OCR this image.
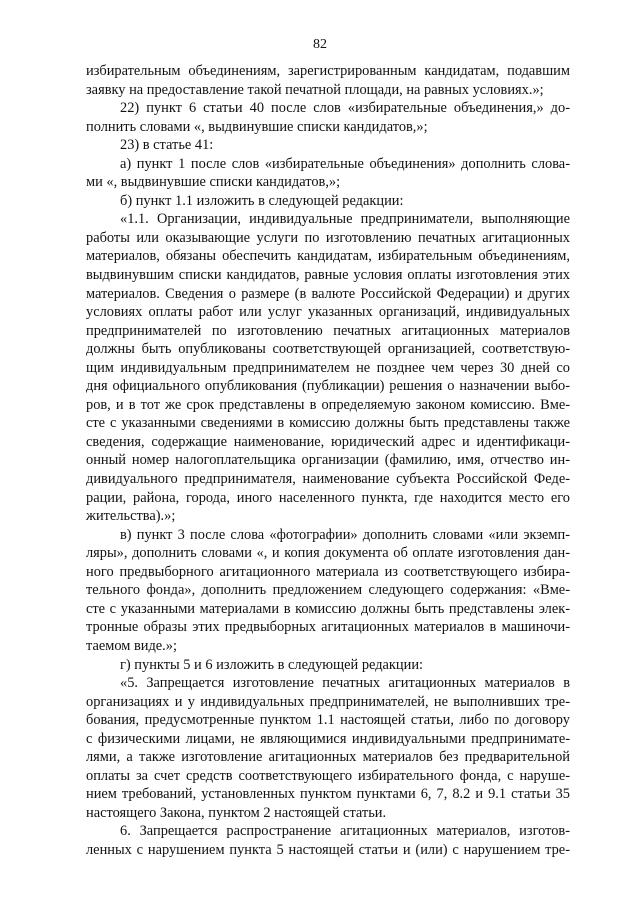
82
избирательным объединениям, зарегистрированным кандидатам, подавшим
заявку на предоставление такой печатной площади, на равных условиях.»;
22) пункт 6 статьи 40 после слов «избирательные объединения,» до-
полнить словами «, выдвинувшие списки кандидатов,»;
23) в статье 41:
а) пункт 1 после слов «избирательные объединения» дополнить слова-
ми «, выдвинувшие списки кандидатов,»;
б) пункт 1.1 изложить в следующей редакции:
«1.1. Организации, индивидуальные предприниматели, выполняющие
работы или оказывающие услуги по изготовлению печатных агитационных
материалов, обязаны обеспечить кандидатам, избирательным объединениям,
выдвинувшим списки кандидатов, равные условия оплаты изготовления этих
материалов. Сведения о размере (в валюте Российской Федерации) и других
условиях оплаты работ или услуг указанных организаций, индивидуальных
предпринимателей по изготовлению печатных агитационных материалов
должны быть опубликованы соответствующей организацией, соответствую-
щим индивидуальным предпринимателем не позднее чем через 30 дней со
дня официального опубликования (публикации) решения о назначении выбо-
ров, и в тот же срок представлены в определяемую законом комиссию. Вме-
сте с указанными сведениями в комиссию должны быть представлены также
сведения, содержащие наименование, юридический адрес и идентификаци-
онный номер налогоплательщика организации (фамилию, имя, отчество ин-
дивидуального предпринимателя, наименование субъекта Российской Феде-
рации, района, города, иного населенного пункта, где находится место его
жительства).»;
в) пункт 3 после слова «фотографии» дополнить словами «или экземп-
ляры», дополнить словами «, и копия документа об оплате изготовления дан-
ного предвыборного агитационного материала из соответствующего избира-
тельного фонда», дополнить предложением следующего содержания: «Вме-
сте с указанными материалами в комиссию должны быть представлены элек-
тронные образы этих предвыборных агитационных материалов в машиночи-
таемом виде.»;
г) пункты 5 и 6 изложить в следующей редакции:
«5. Запрещается изготовление печатных агитационных материалов в
организациях и у индивидуальных предпринимателей, не выполнивших тре-
бования, предусмотренные пунктом 1.1 настоящей статьи, либо по договору
с физическими лицами, не являющимися индивидуальными предпринимате-
лями, а также изготовление агитационных материалов без предварительной
оплаты за счет средств соответствующего избирательного фонда, с наруше-
нием требований, установленных пунктом пунктами 6, 7, 8.2 и 9.1 статьи 35
настоящего Закона, пунктом 2 настоящей статьи.
6. Запрещается распространение агитационных материалов, изготов-
ленных с нарушением пункта 5 настоящей статьи и (или) с нарушением тре-
